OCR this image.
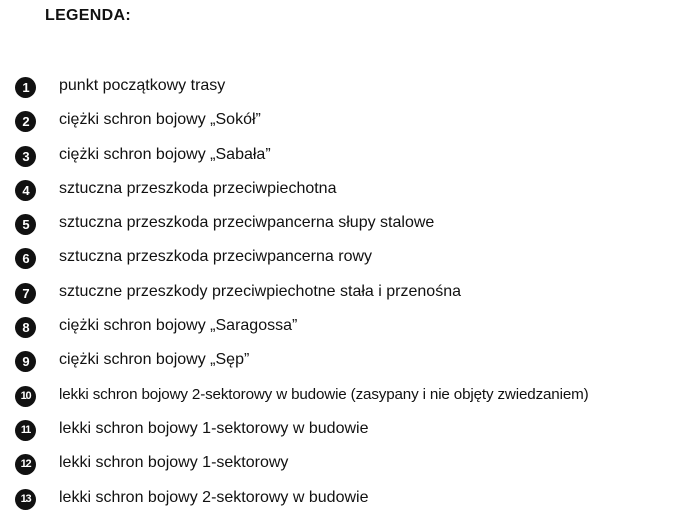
LEGENDA:
1	punkt początkowy trasy
2	ciężki schron bojowy „Sokół”
3	ciężki schron bojowy „Sabała”
4	sztuczna przeszkoda przeciwpiechotna
5	sztuczna przeszkoda przeciwpancerna słupy stalowe
6	sztuczna przeszkoda przeciwpancerna rowy
7	sztuczne przeszkody przeciwpiechotne stała i przenośna
8	ciężki schron bojowy „Saragossa”
9	ciężki schron bojowy „Sęp”
10	lekki schron bojowy 2-sektorowy w budowie (zasypany i nie objęty zwiedzaniem)
11	lekki schron bojowy 1-sektorowy w budowie
12	lekki schron bojowy 1-sektorowy
13	lekki schron bojowy 2-sektorowy w budowie
